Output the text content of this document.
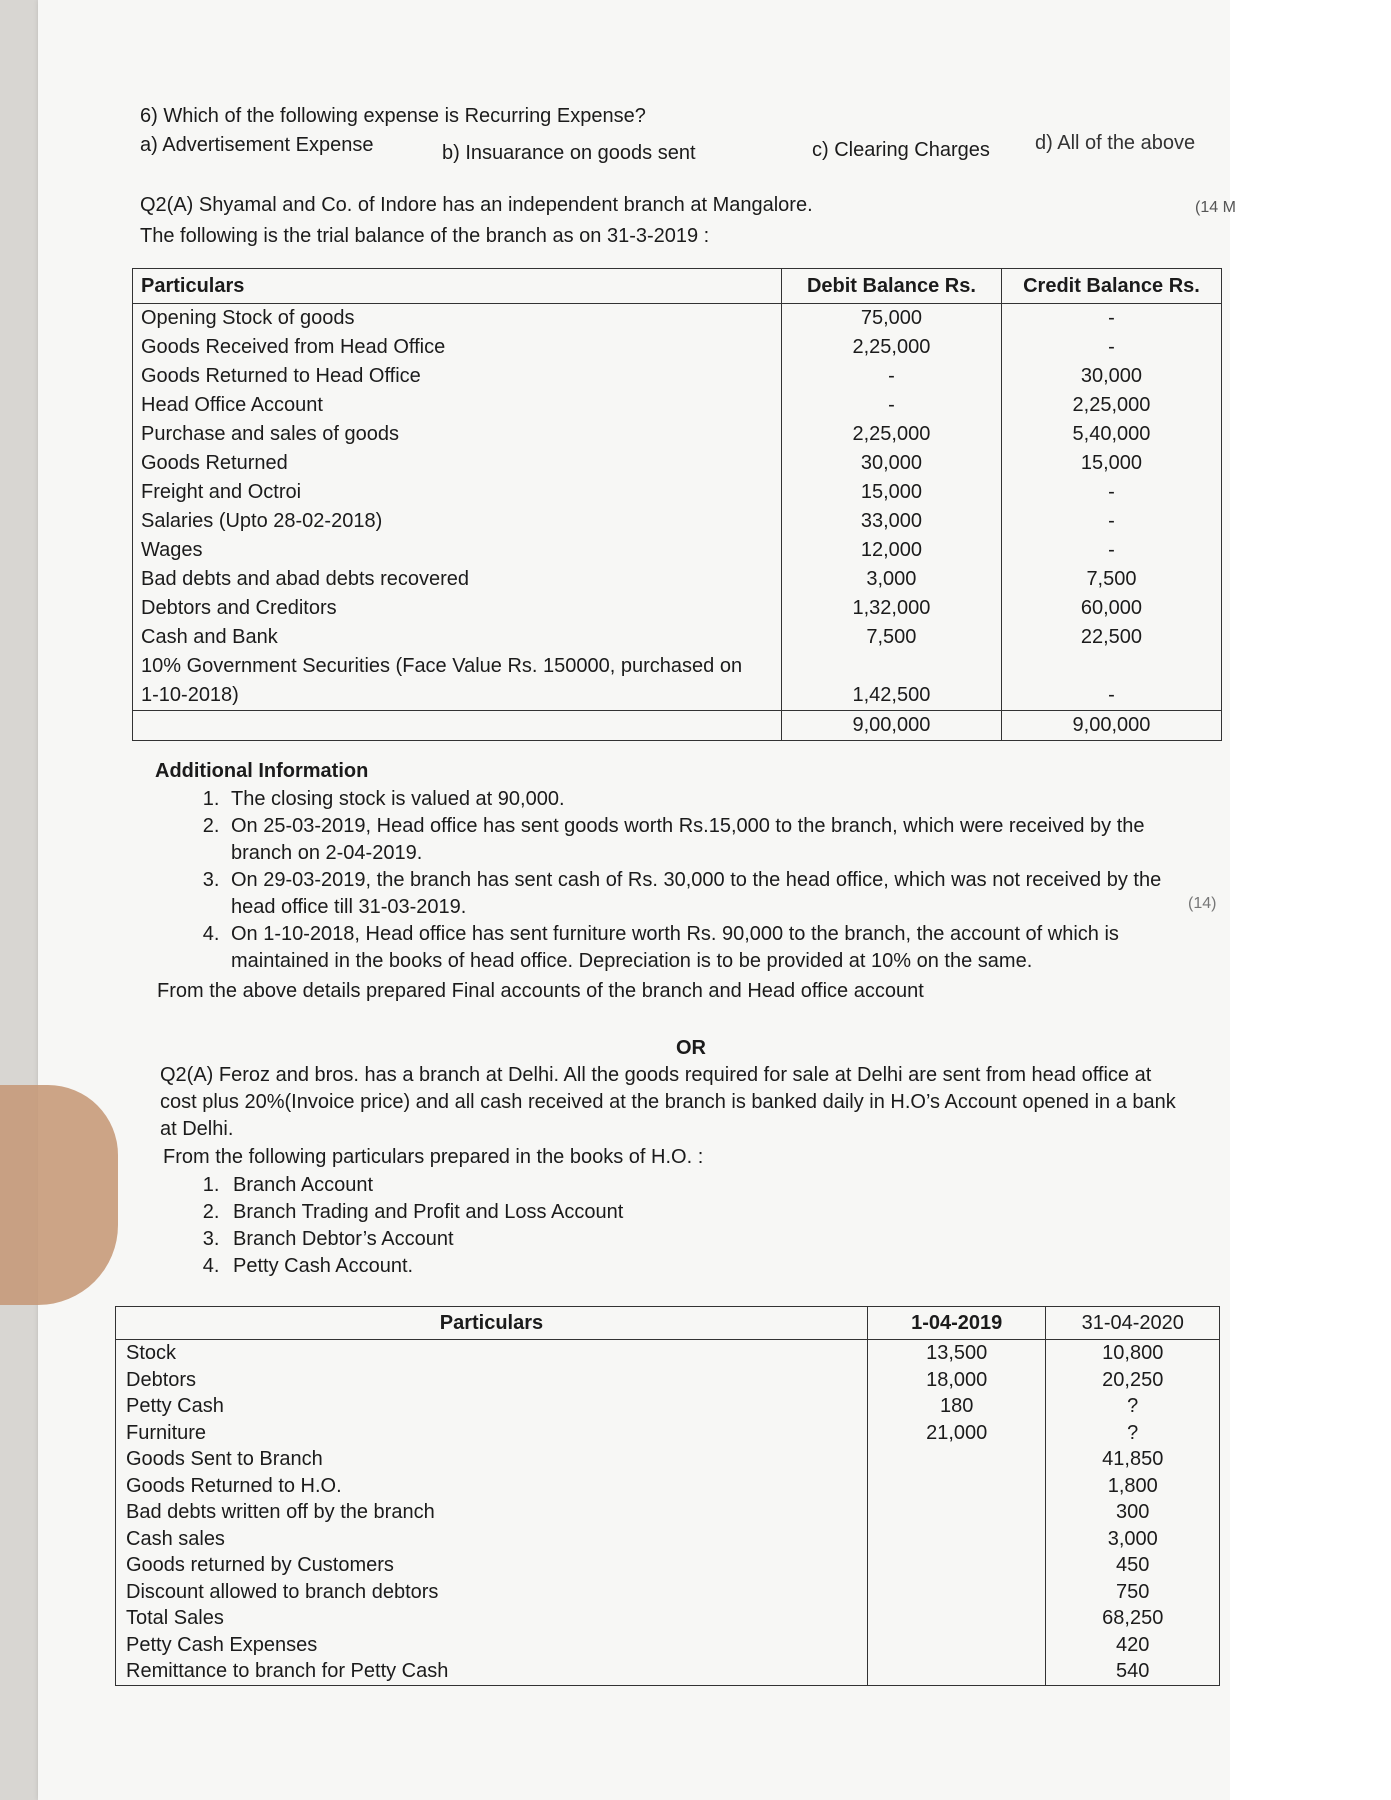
6) Which of the following expense is Recurring Expense?
a) Advertisement Expense	b) Insuarance on goods sent	c) Clearing Charges d) All of the above
(14 M
Q2(A) Shyamal and Co. of Indore has an independent branch at Mangalore.
The following is the trial balance of the branch as on 31-3-2019 :
Particulars	Debit Balance Rs.	Credit Balance Rs.
Opening Stock of goods	75,000	-
Goods Received from Head Office	2,25,000	-
Goods Returned to Head Office	-	30,000
Head Office Account	-	2,25,000
Purchase and sales of goods	2,25,000	5,40,000
Goods Returned	30,000	15,000
Freight and Octroi	15,000	-
Salaries (Upto 28-02-2018)	33,000	-
Wages	12,000	-
Bad debts and abad debts recovered	3,000	7,500
Debtors and Creditors	1,32,000	60,000
Cash and Bank	7,500	22,500
10% Government Securities (Face Value Rs. 150000, purchased on		
1-10-2018)	1,42,500	-
	9,00,000	9,00,000
Additional Information
1. The closing stock is valued at 90,000.
2. On 25-03-2019, Head office has sent goods worth Rs.15,000 to the branch, which were received by the branch on 2-04-2019.
3. On 29-03-2019, the branch has sent cash of Rs. 30,000 to the head office, which was not received by the head office till 31-03-2019.
4. On 1-10-2018, Head office has sent furniture worth Rs. 90,000 to the branch, the account of which is maintained in the books of head office. Depreciation is to be provided at 10% on the same.
(14)
From the above details prepared Final accounts of the branch and Head office account
OR
Q2(A) Feroz and bros. has a branch at Delhi. All the goods required for sale at Delhi are sent from head office at cost plus 20%(Invoice price) and all cash received at the branch is banked daily in H.O’s Account opened in a bank at Delhi.
From the following particulars prepared in the books of H.O. :
1. Branch Account
2. Branch Trading and Profit and Loss Account
3. Branch Debtor’s Account
4. Petty Cash Account.
Particulars	1-04-2019	31-04-2020
Stock	13,500	10,800
Debtors	18,000	20,250
Petty Cash	180	?
Furniture	21,000	?
Goods Sent to Branch		41,850
Goods Returned to H.O.		1,800
Bad debts written off by the branch		300
Cash sales		3,000
Goods returned by Customers		450
Discount allowed to branch debtors		750
Total Sales		68,250
Petty Cash Expenses		420
Remittance to branch for Petty Cash		540
